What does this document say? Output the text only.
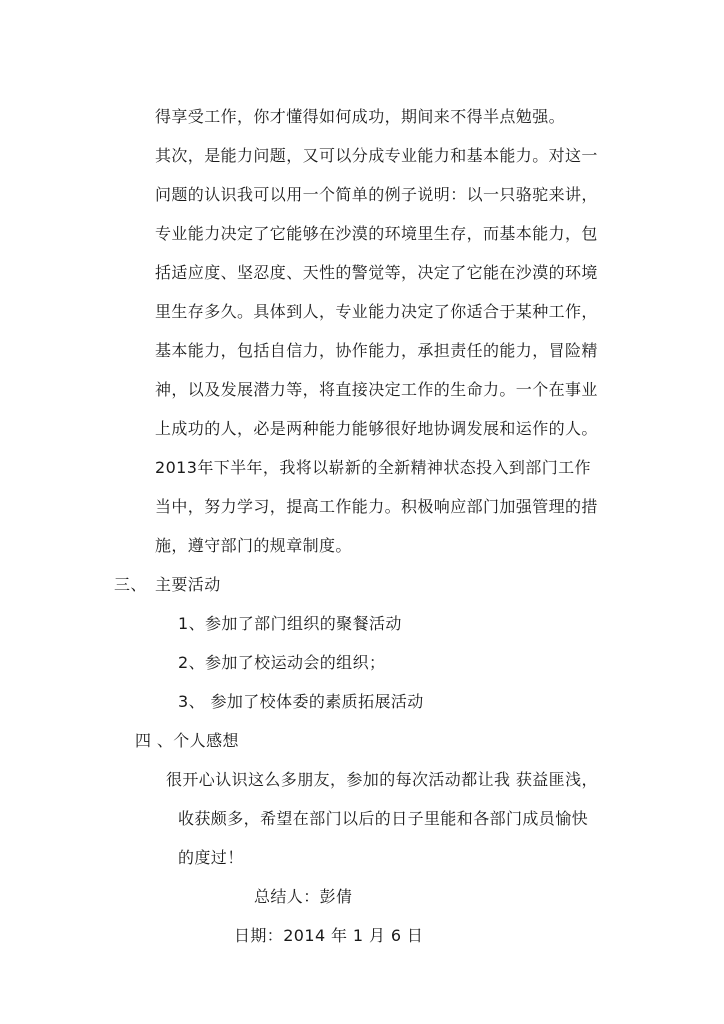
得享受工作，你才懂得如何成功，期间来不得半点勉强。
其次，是能力问题，又可以分成专业能力和基本能力。对这一
问题的认识我可以用一个简单的例子说明：以一只骆驼来讲，
专业能力决定了它能够在沙漠的环境里生存，而基本能力，包
括适应度、坚忍度、天性的警觉等，决定了它能在沙漠的环境
里生存多久。具体到人，专业能力决定了你适合于某种工作，
基本能力，包括自信力，协作能力，承担责任的能力，冒险精
神，以及发展潜力等，将直接决定工作的生命力。一个在事业
上成功的人，必是两种能力能够很好地协调发展和运作的人。
2013年下半年，我将以崭新的全新精神状态投入到部门工作
当中，努力学习，提高工作能力。积极响应部门加强管理的措
施，遵守部门的规章制度。
三、 主要活动
1、参加了部门组织的聚餐活动
2、参加了校运动会的组织；
3、 参加了校体委的素质拓展活动
四 、个人感想
很开心认识这么多朋友，参加的每次活动都让我 获益匪浅，
收获颇多，希望在部门以后的日子里能和各部门成员愉快
的度过！
总结人：彭倩
日期：2014 年 1 月 6 日
